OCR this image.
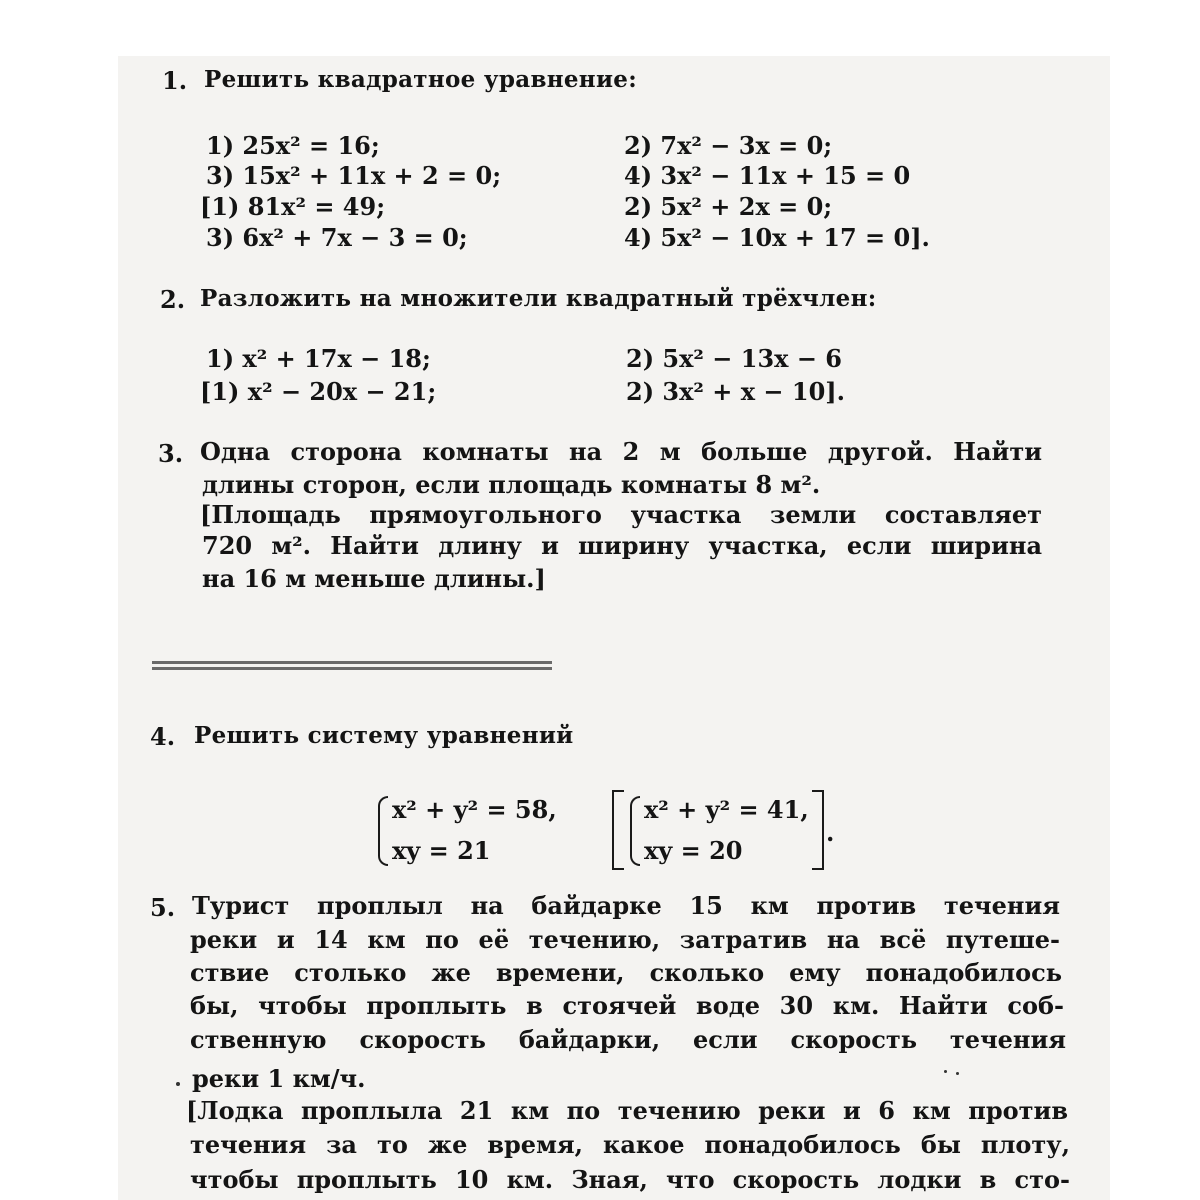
1. Решить квадратное уравнение:
1) 25x² = 16;	2) 7x² − 3x = 0;
3) 15x² + 11x + 2 = 0;	4) 3x² − 11x + 15 = 0
[1) 81x² = 49;	2) 5x² + 2x = 0;
3) 6x² + 7x − 3 = 0;	4) 5x² − 10x + 17 = 0].
2. Разложить на множители квадратный трёхчлен:
1) x² + 17x − 18;	2) 5x² − 13x − 6
[1) x² − 20x − 21;	2) 3x² + x − 10].
3. Одна сторона комнаты на 2 м больше другой. Найти
длины сторон, если площадь комнаты 8 м².
[Площадь прямоугольного участка земли составляет
720 м². Найти длину и ширину участка, если ширина
на 16 м меньше длины.]
4. Решить систему уравнений
x² + y² = 58,
xy = 21
x² + y² = 41,
xy = 20
.
5. Турист проплыл на байдарке 15 км против течения
реки и 14 км по её течению, затратив на всё путеше-
ствие столько же времени, сколько ему понадобилось
бы, чтобы проплыть в стоячей воде 30 км. Найти соб-
ственную скорость байдарки, если скорость течения
реки 1 км/ч.
[Лодка проплыла 21 км по течению реки и 6 км против
течения за то же время, какое понадобилось бы плоту,
чтобы проплыть 10 км. Зная, что скорость лодки в сто-
